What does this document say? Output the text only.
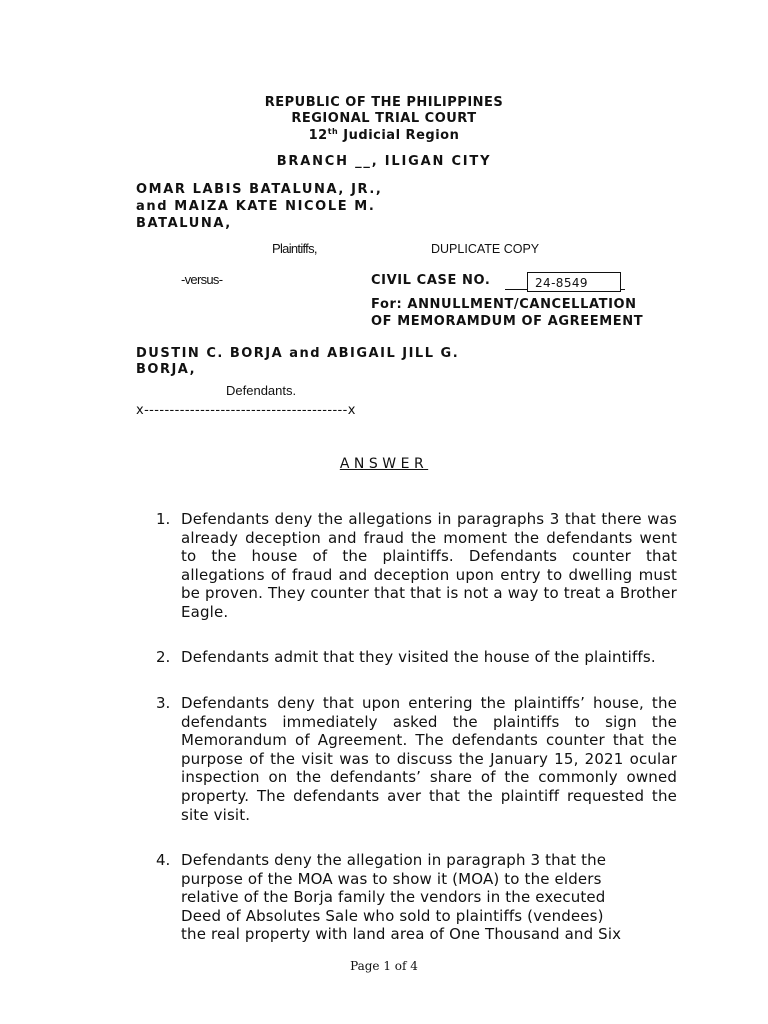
REPUBLIC OF THE PHILIPPINES
REGIONAL TRIAL COURT
12th Judicial Region
BRANCH __, ILIGAN CITY
OMAR LABIS BATALUNA, JR.,
and MAIZA KATE NICOLE M.
BATALUNA,
Plaintiffs,	DUPLICATE COPY
-versus-	CIVIL CASE NO.	24-8549
For: ANNULLMENT/CANCELLATION
OF MEMORAMDUM OF AGREEMENT
DUSTIN C. BORJA and ABIGAIL JILL G.
BORJA,
Defendants.
x----------------------------------------x
ANSWER
1. Defendants deny the allegations in paragraphs 3 that there was already deception and fraud the moment the defendants went to the house of the plaintiffs. Defendants counter that allegations of fraud and deception upon entry to dwelling must be proven. They counter that that is not a way to treat a Brother Eagle.
2. Defendants admit that they visited the house of the plaintiffs.
3. Defendants deny that upon entering the plaintiffs’ house, the defendants immediately asked the plaintiffs to sign the Memorandum of Agreement. The defendants counter that the purpose of the visit was to discuss the January 15, 2021 ocular inspection on the defendants’ share of the commonly owned property. The defendants aver that the plaintiff requested the site visit.
4. Defendants deny the allegation in paragraph 3 that the
purpose of the MOA was to show it (MOA) to the elders
relative of the Borja family the vendors in the executed
Deed of Absolutes Sale who sold to plaintiffs (vendees)
the real property with land area of One Thousand and Six
Page 1 of 4
